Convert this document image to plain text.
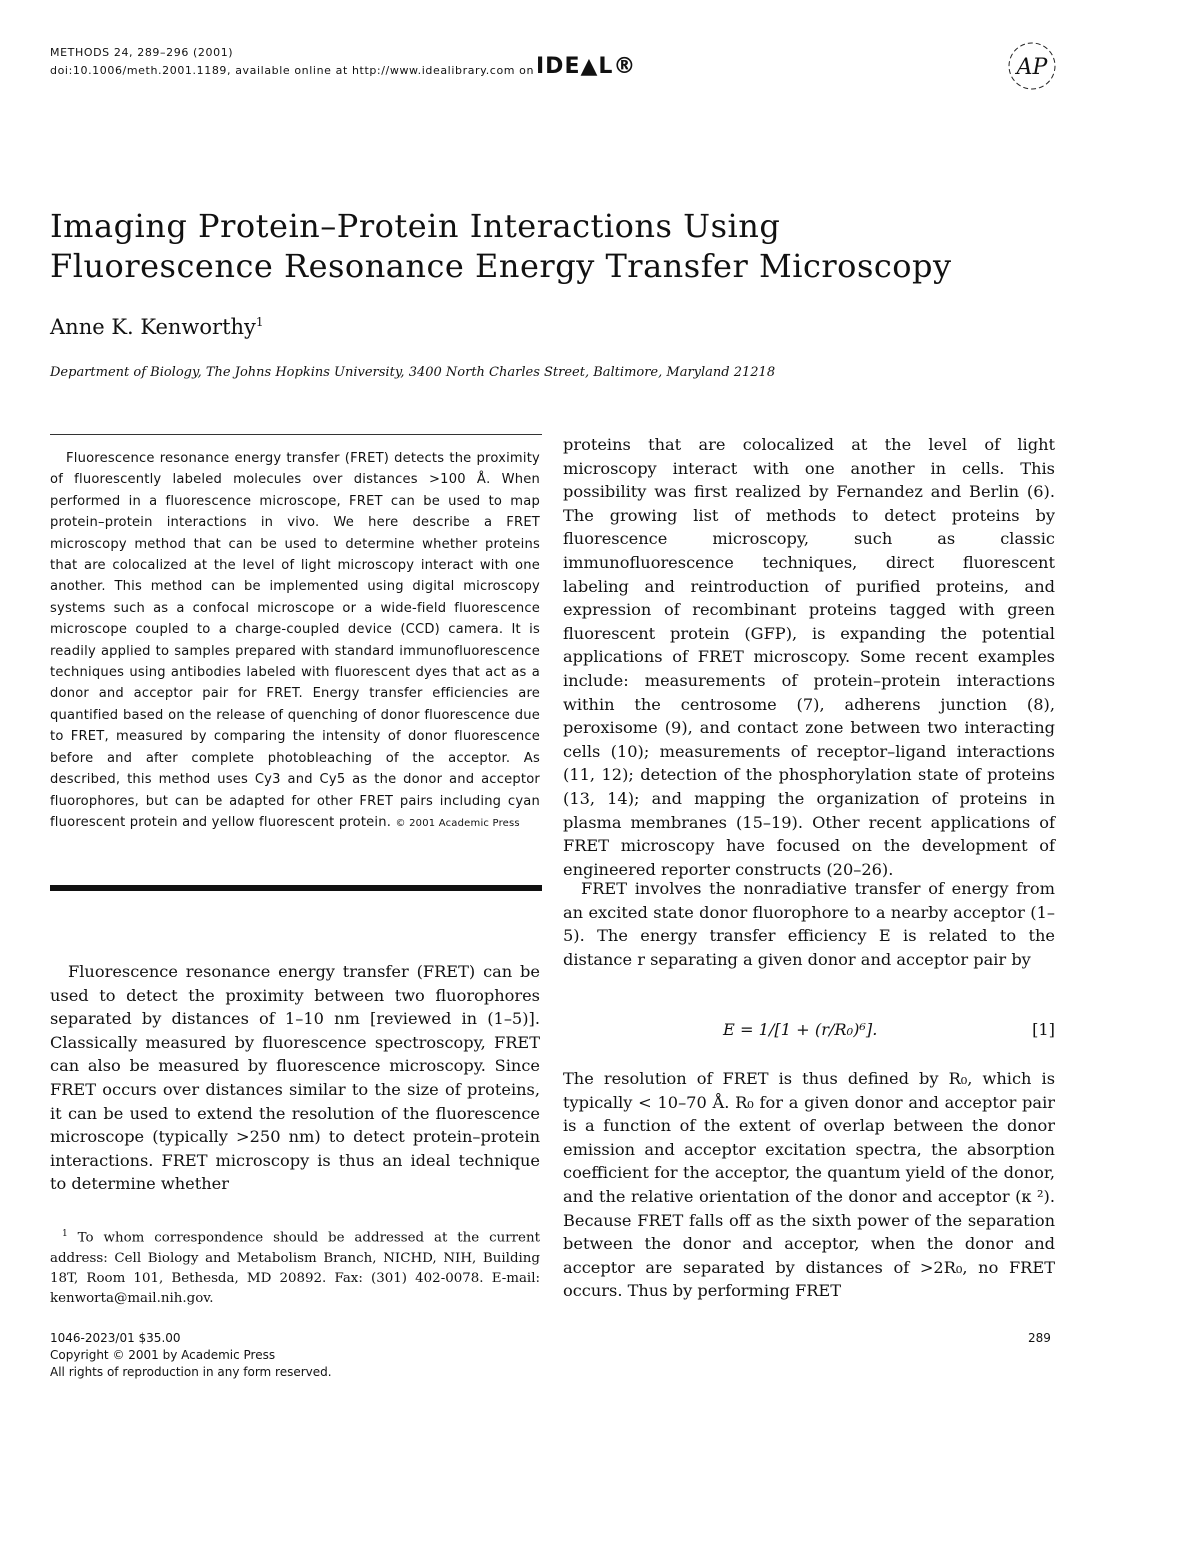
METHODS 24, 289–296 (2001)
doi:10.1006/meth.2001.1189, available online at http://www.idealibrary.com on IDE▲L®	AP
Imaging Protein–Protein Interactions Using
Fluorescence Resonance Energy Transfer Microscopy
Anne K. Kenworthy$^1$
Department of Biology, The Johns Hopkins University, 3400 North Charles Street, Baltimore, Maryland 21218
Fluorescence resonance energy transfer (FRET) detects the proximity of fluorescently labeled molecules over distances >100 Å. When performed in a fluorescence microscope, FRET can be used to map protein–protein interactions in vivo. We here describe a FRET microscopy method that can be used to determine whether proteins that are colocalized at the level of light microscopy interact with one another. This method can be implemented using digital microscopy systems such as a confocal microscope or a wide-field fluorescence microscope coupled to a charge-coupled device (CCD) camera. It is readily applied to samples prepared with standard immunofluorescence techniques using antibodies labeled with fluorescent dyes that act as a donor and acceptor pair for FRET. Energy transfer efficiencies are quantified based on the release of quenching of donor fluorescence due to FRET, measured by comparing the intensity of donor fluorescence before and after complete photobleaching of the acceptor. As described, this method uses Cy3 and Cy5 as the donor and acceptor fluorophores, but can be adapted for other FRET pairs including cyan fluorescent protein and yellow fluorescent protein. © 2001 Academic Press
Fluorescence resonance energy transfer (FRET) can be used to detect the proximity between two fluorophores separated by distances of 1–10 nm [reviewed in (1–5)]. Classically measured by fluorescence spectroscopy, FRET can also be measured by fluorescence microscopy. Since FRET occurs over distances similar to the size of proteins, it can be used to extend the resolution of the fluorescence microscope (typically >250 nm) to detect protein–protein interactions. FRET microscopy is thus an ideal technique to determine whether
$^1$ To whom correspondence should be addressed at the current address: Cell Biology and Metabolism Branch, NICHD, NIH, Building 18T, Room 101, Bethesda, MD 20892. Fax: (301) 402-0078. E-mail: kenworta@mail.nih.gov.
proteins that are colocalized at the level of light microscopy interact with one another in cells. This possibility was first realized by Fernandez and Berlin (6). The growing list of methods to detect proteins by fluorescence microscopy, such as classic immunofluorescence techniques, direct fluorescent labeling and reintroduction of purified proteins, and expression of recombinant proteins tagged with green fluorescent protein (GFP), is expanding the potential applications of FRET microscopy. Some recent examples include: measurements of protein–protein interactions within the centrosome (7), adherens junction (8), peroxisome (9), and contact zone between two interacting cells (10); measurements of receptor–ligand interactions (11, 12); detection of the phosphorylation state of proteins (13, 14); and mapping the organization of proteins in plasma membranes (15–19). Other recent applications of FRET microscopy have focused on the development of engineered reporter constructs (20–26).
FRET involves the nonradiative transfer of energy from an excited state donor fluorophore to a nearby acceptor (1–5). The energy transfer efficiency E is related to the distance r separating a given donor and acceptor pair by
E = 1/[1 + (r/R₀)⁶].	[1]
The resolution of FRET is thus defined by R₀, which is typically < 10–70 Å. R₀ for a given donor and acceptor pair is a function of the extent of overlap between the donor emission and acceptor excitation spectra, the absorption coefficient for the acceptor, the quantum yield of the donor, and the relative orientation of the donor and acceptor (κ ²). Because FRET falls off as the sixth power of the separation between the donor and acceptor, when the donor and acceptor are separated by distances of >2R₀, no FRET occurs. Thus by performing FRET
1046-2023/01 $35.00
Copyright © 2001 by Academic Press
All rights of reproduction in any form reserved.
289
